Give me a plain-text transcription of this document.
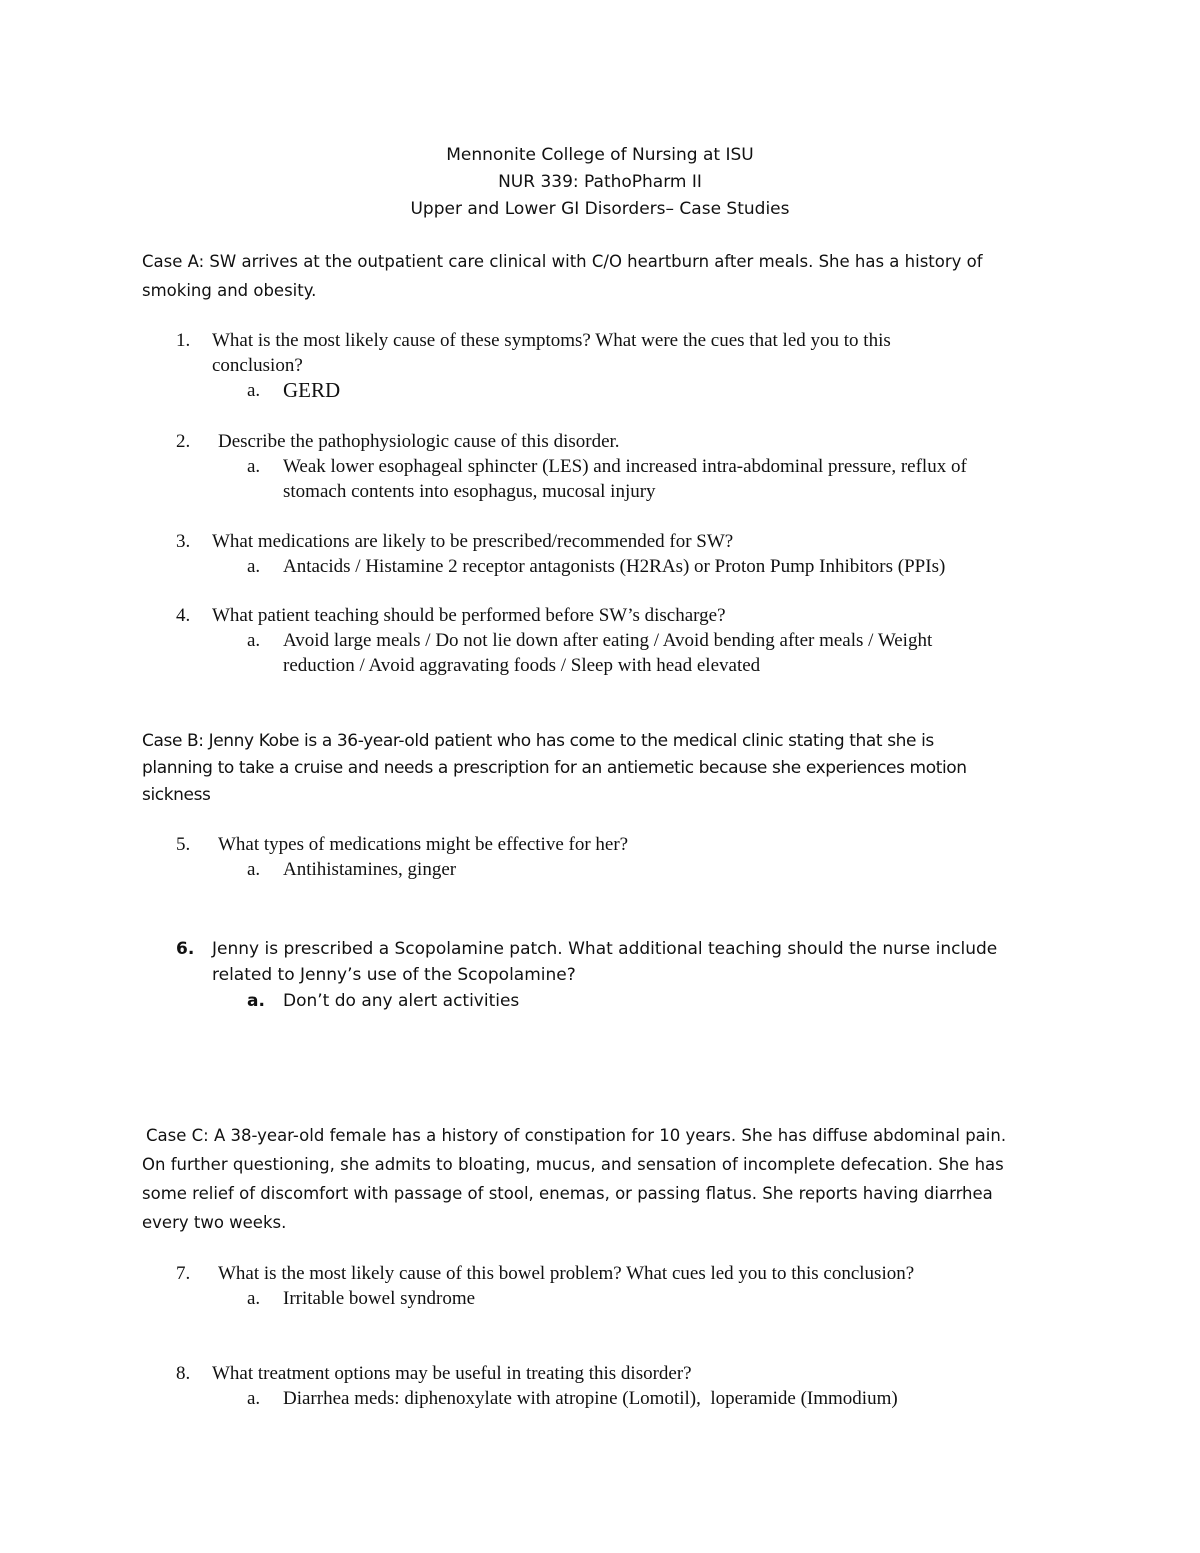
Mennonite College of Nursing at ISU
NUR 339: PathoPharm II
Upper and Lower GI Disorders– Case Studies
Case A: SW arrives at the outpatient care clinical with C/O heartburn after meals. She has a history of
smoking and obesity.
1. What is the most likely cause of these symptoms? What were the cues that led you to this
conclusion?
a. GERD
2. Describe the pathophysiologic cause of this disorder.
a. Weak lower esophageal sphincter (LES) and increased intra-abdominal pressure, reflux of
stomach contents into esophagus, mucosal injury
3. What medications are likely to be prescribed/recommended for SW?
a. Antacids / Histamine 2 receptor antagonists (H2RAs) or Proton Pump Inhibitors (PPIs)
4. What patient teaching should be performed before SW’s discharge?
a. Avoid large meals / Do not lie down after eating / Avoid bending after meals / Weight
reduction / Avoid aggravating foods / Sleep with head elevated
Case B: Jenny Kobe is a 36-year-old patient who has come to the medical clinic stating that she is
planning to take a cruise and needs a prescription for an antiemetic because she experiences motion
sickness
5. What types of medications might be effective for her?
a. Antihistamines, ginger
6. Jenny is prescribed a Scopolamine patch. What additional teaching should the nurse include
related to Jenny’s use of the Scopolamine?
a. Don’t do any alert activities
Case C: A 38-year-old female has a history of constipation for 10 years. She has diffuse abdominal pain.
On further questioning, she admits to bloating, mucus, and sensation of incomplete defecation. She has
some relief of discomfort with passage of stool, enemas, or passing flatus. She reports having diarrhea
every two weeks.
7. What is the most likely cause of this bowel problem? What cues led you to this conclusion?
a. Irritable bowel syndrome
8. What treatment options may be useful in treating this disorder?
a. Diarrhea meds: diphenoxylate with atropine (Lomotil),  loperamide (Immodium)
